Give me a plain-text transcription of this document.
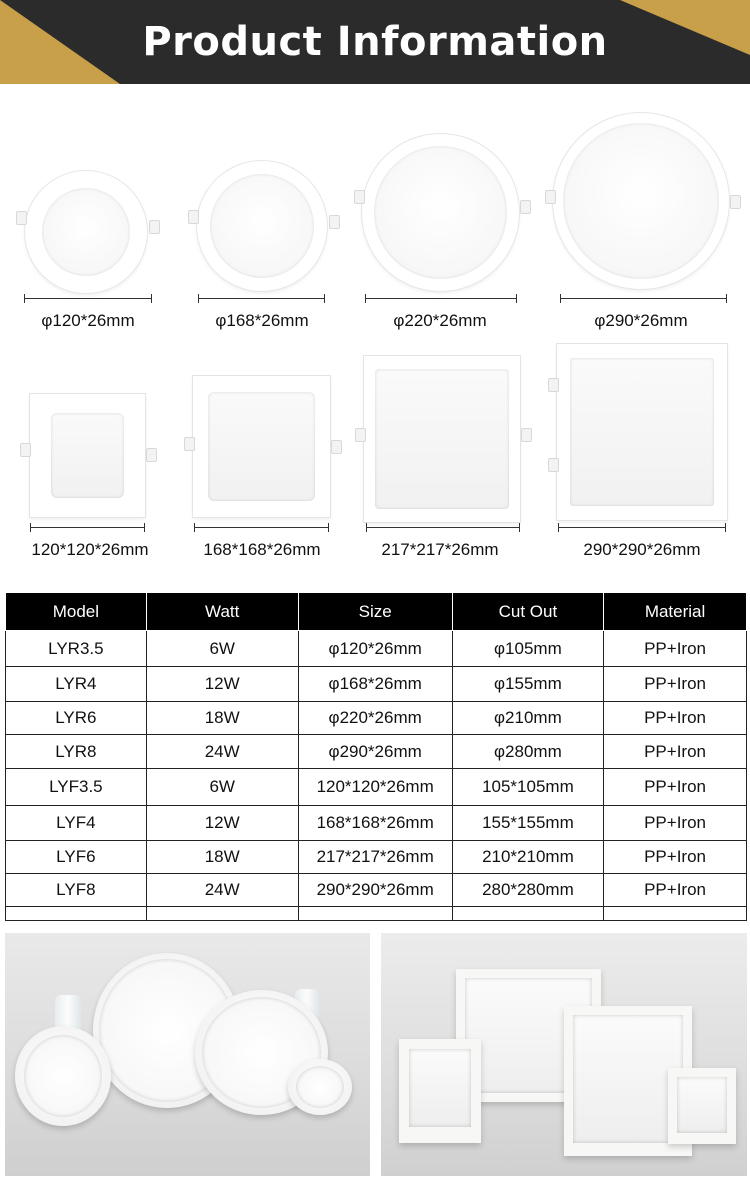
Product Information
φ120*26mm	φ168*26mm	φ220*26mm	φ290*26mm
120*120*26mm	168*168*26mm	217*217*26mm	290*290*26mm
Model	Watt	Size	Cut Out	Material
LYR3.5	6W	φ120*26mm	φ105mm	PP+Iron
LYR4	12W	φ168*26mm	φ155mm	PP+Iron
LYR6	18W	φ220*26mm	φ210mm	PP+Iron
LYR8	24W	φ290*26mm	φ280mm	PP+Iron
LYF3.5	6W	120*120*26mm	105*105mm	PP+Iron
LYF4	12W	168*168*26mm	155*155mm	PP+Iron
LYF6	18W	217*217*26mm	210*210mm	PP+Iron
LYF8	24W	290*290*26mm	280*280mm	PP+Iron
